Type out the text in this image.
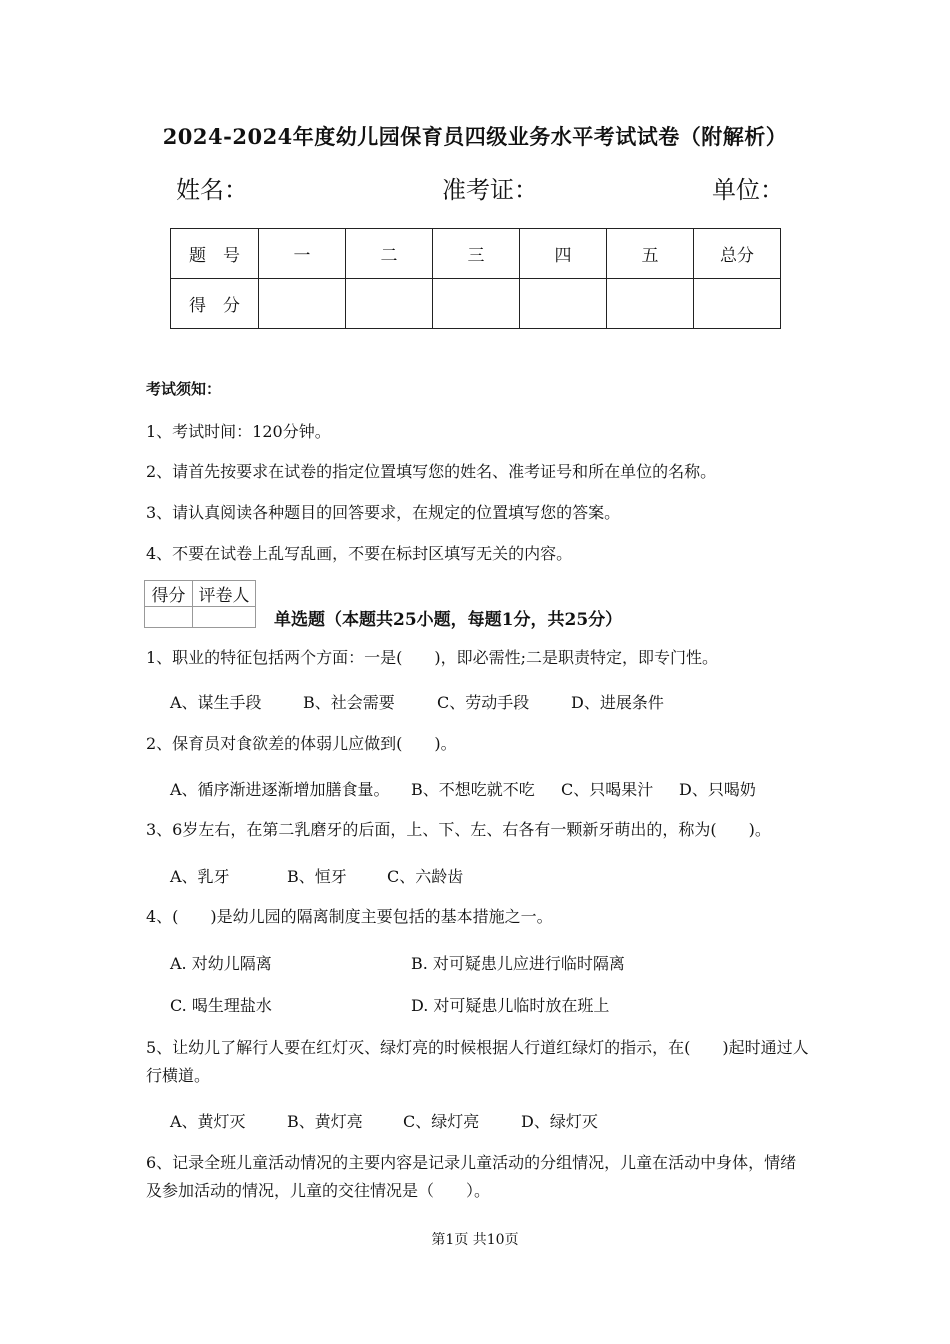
2024-2024年度幼儿园保育员四级业务水平考试试卷（附解析）
姓名：	准考证：	单位：
题　号	一	二	三	四	五	总分
得　分						
考试须知：
1、考试时间：120分钟。
2、请首先按要求在试卷的指定位置填写您的姓名、准考证号和所在单位的名称。
3、请认真阅读各种题目的回答要求，在规定的位置填写您的答案。
4、不要在试卷上乱写乱画，不要在标封区填写无关的内容。
得分	评卷人

单选题（本题共25小题，每题1分，共25分）
1、职业的特征包括两个方面：一是(　　)，即必需性;二是职责特定，即专门性。
A、谋生手段	B、社会需要	C、劳动手段	D、进展条件
2、保育员对食欲差的体弱儿应做到(　　)。
A、循序渐进逐渐增加膳食量。 B、不想吃就不吃 C、只喝果汁 D、只喝奶
3、6岁左右，在第二乳磨牙的后面，上、下、左、右各有一颗新牙萌出的，称为(　　)。
A、乳牙	B、恒牙	C、六龄齿
4、(　　)是幼儿园的隔离制度主要包括的基本措施之一。
A. 对幼儿隔离	B. 对可疑患儿应进行临时隔离
C. 喝生理盐水	D. 对可疑患儿临时放在班上
5、让幼儿了解行人要在红灯灭、绿灯亮的时候根据人行道红绿灯的指示，在(　　)起时通过人行横道。
A、黄灯灭	B、黄灯亮	C、绿灯亮	D、绿灯灭
6、记录全班儿童活动情况的主要内容是记录儿童活动的分组情况，儿童在活动中身体，情绪及参加活动的情况，儿童的交往情况是（　　）。
第1页 共10页
